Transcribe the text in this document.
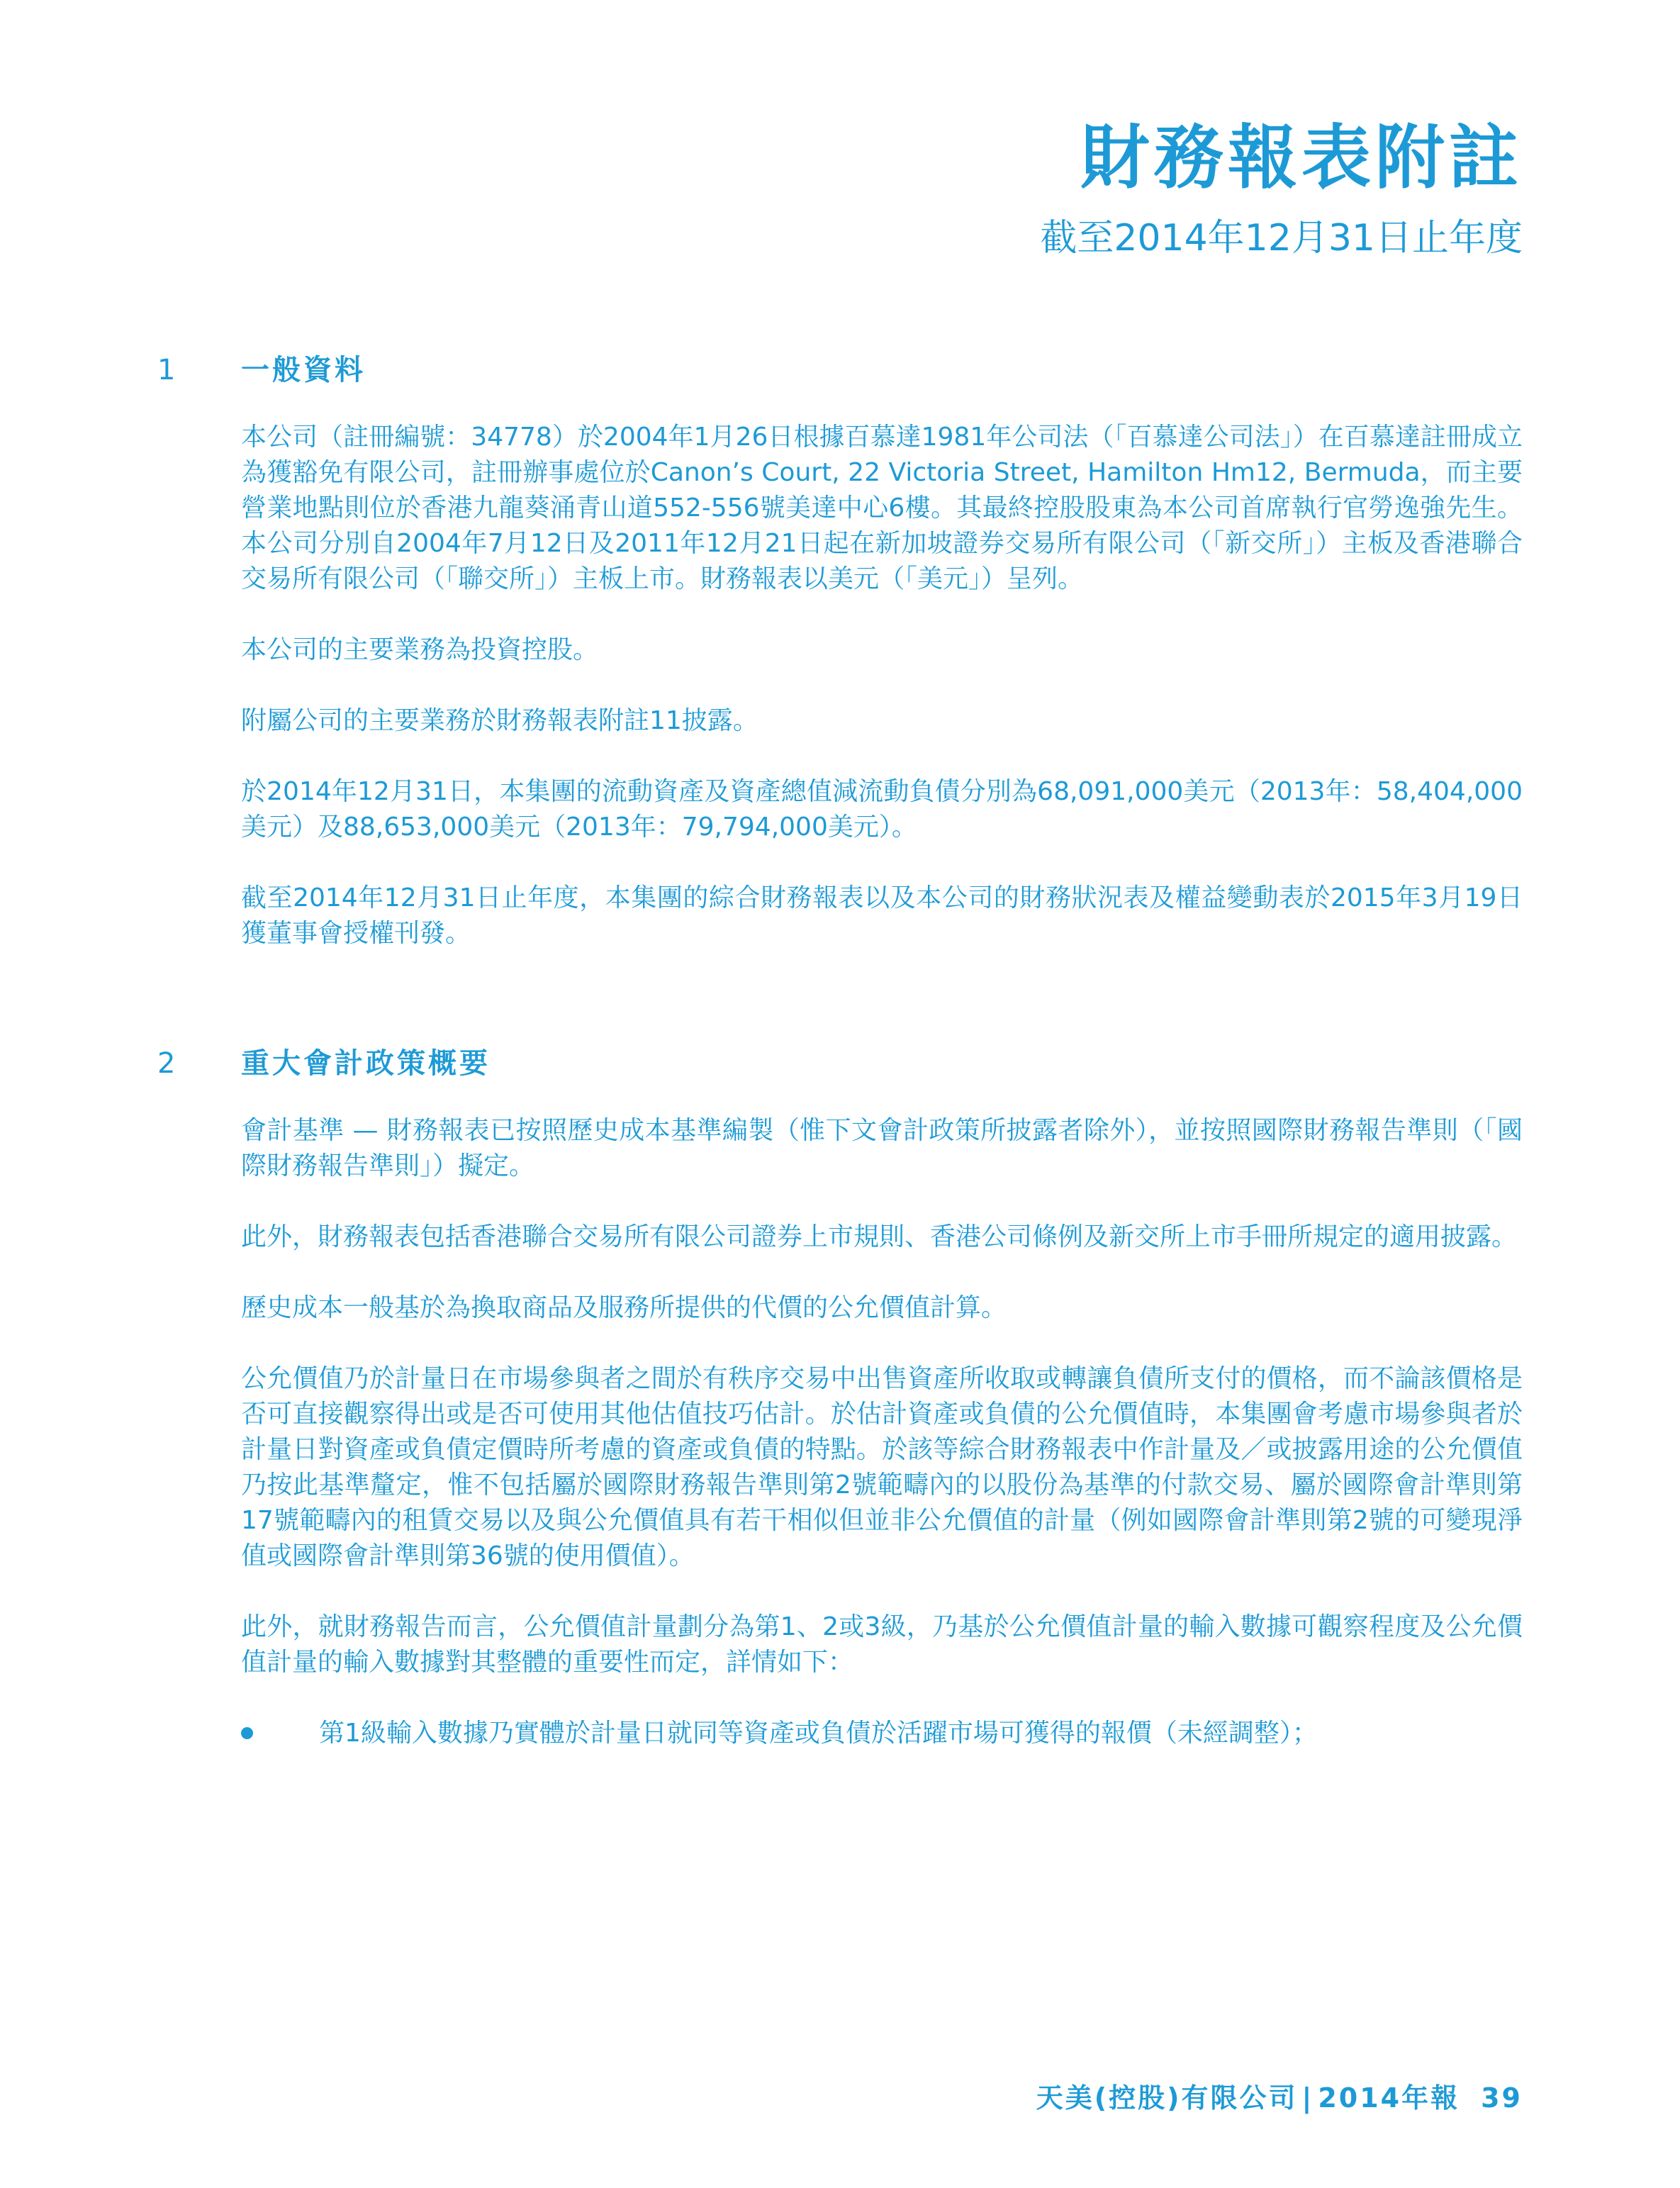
財務報表附註
截至2014年12月31日止年度
1 一般資料

本公司（註冊編號：34778）於2004年1月26日根據百慕達1981年公司法（「百慕達公司法」）在百慕達註冊成立為獲豁免有限公司，註冊辦事處位於Canon’s Court, 22 Victoria Street, Hamilton Hm12, Bermuda，而主要營業地點則位於香港九龍葵涌青山道552-556號美達中心6樓。其最終控股股東為本公司首席執行官勞逸強先生。本公司分別自2004年7月12日及2011年12月21日起在新加坡證券交易所有限公司（「新交所」）主板及香港聯合交易所有限公司（「聯交所」）主板上市。財務報表以美元（「美元」）呈列。

本公司的主要業務為投資控股。

附屬公司的主要業務於財務報表附註11披露。

於2014年12月31日，本集團的流動資產及資產總值減流動負債分別為68,091,000美元（2013年：58,404,000美元）及88,653,000美元（2013年：79,794,000美元）。

截至2014年12月31日止年度，本集團的綜合財務報表以及本公司的財務狀況表及權益變動表於2015年3月19日獲董事會授權刊發。

2 重大會計政策概要

會計基準 — 財務報表已按照歷史成本基準編製（惟下文會計政策所披露者除外），並按照國際財務報告準則（「國際財務報告準則」）擬定。

此外，財務報表包括香港聯合交易所有限公司證券上市規則、香港公司條例及新交所上市手冊所規定的適用披露。

歷史成本一般基於為換取商品及服務所提供的代價的公允價值計算。

公允價值乃於計量日在市場參與者之間於有秩序交易中出售資產所收取或轉讓負債所支付的價格，而不論該價格是否可直接觀察得出或是否可使用其他估值技巧估計。於估計資產或負債的公允價值時，本集團會考慮市場參與者於計量日對資產或負債定價時所考慮的資產或負債的特點。於該等綜合財務報表中作計量及／或披露用途的公允價值乃按此基準釐定，惟不包括屬於國際財務報告準則第2號範疇內的以股份為基準的付款交易、屬於國際會計準則第17號範疇內的租賃交易以及與公允價值具有若干相似但並非公允價值的計量（例如國際會計準則第2號的可變現淨值或國際會計準則第36號的使用價值）。

此外，就財務報告而言，公允價值計量劃分為第1、2或3級，乃基於公允價值計量的輸入數據可觀察程度及公允價值計量的輸入數據對其整體的重要性而定，詳情如下：

第1級輸入數據乃實體於計量日就同等資產或負債於活躍市場可獲得的報價（未經調整）；
天美(控股)有限公司 | 2014年報 39
